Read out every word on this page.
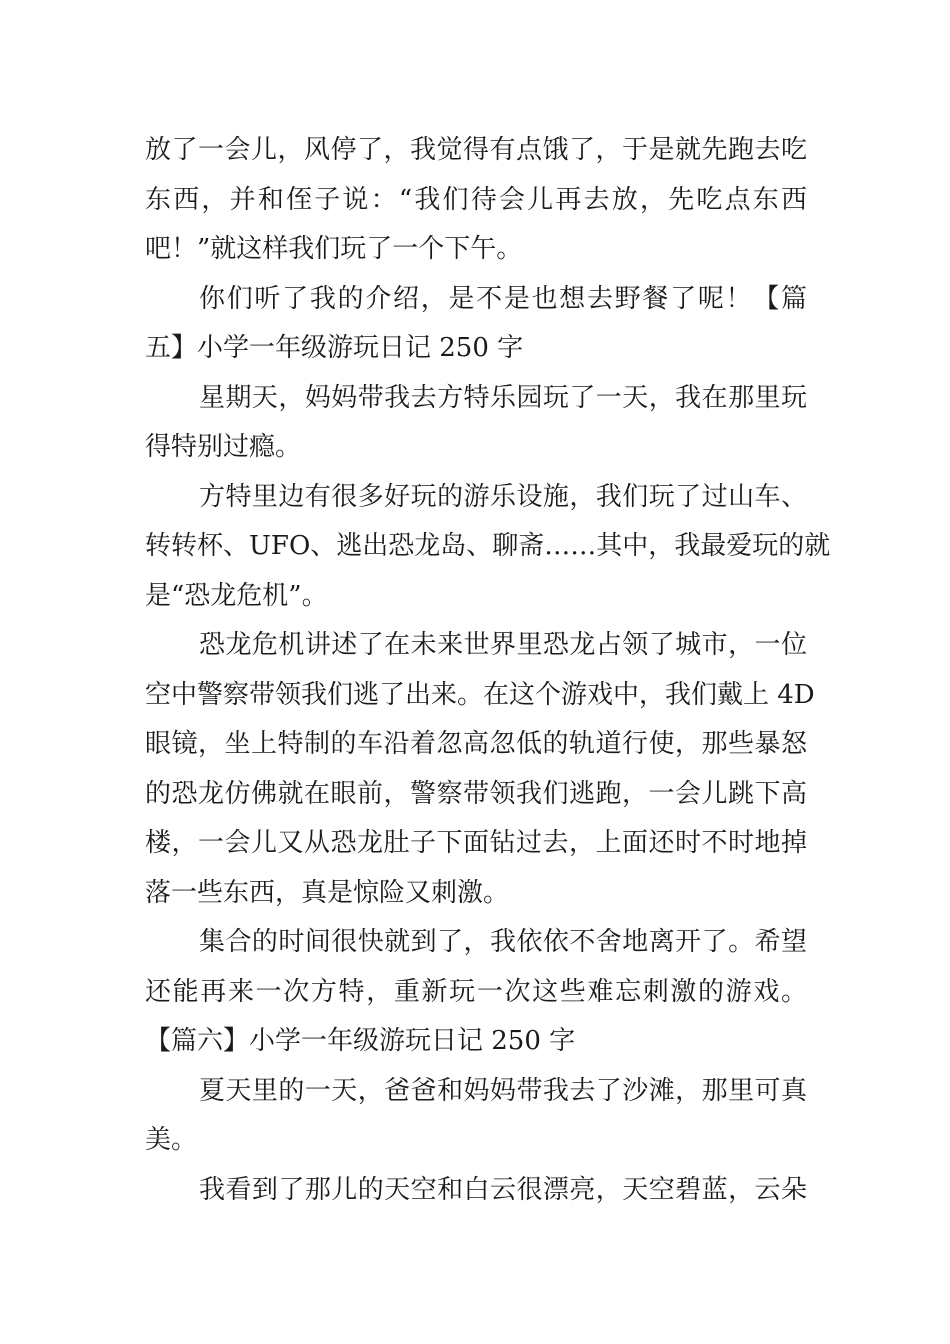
放了一会儿，风停了，我觉得有点饿了，于是就先跑去吃
东西，并和侄子说：“我们待会儿再去放，先吃点东西
吧！”就这样我们玩了一个下午。
你们听了我的介绍，是不是也想去野餐了呢！【篇
五】小学一年级游玩日记 250 字
星期天，妈妈带我去方特乐园玩了一天，我在那里玩
得特别过瘾。
方特里边有很多好玩的游乐设施，我们玩了过山车、
转转杯、UFO、逃出恐龙岛、聊斋……其中，我最爱玩的就
是“恐龙危机”。
恐龙危机讲述了在未来世界里恐龙占领了城市，一位
空中警察带领我们逃了出来。在这个游戏中，我们戴上 4D
眼镜，坐上特制的车沿着忽高忽低的轨道行使，那些暴怒
的恐龙仿佛就在眼前，警察带领我们逃跑，一会儿跳下高
楼，一会儿又从恐龙肚子下面钻过去，上面还时不时地掉
落一些东西，真是惊险又刺激。
集合的时间很快就到了，我依依不舍地离开了。希望
还能再来一次方特，重新玩一次这些难忘刺激的游戏。
【篇六】小学一年级游玩日记 250 字
夏天里的一天，爸爸和妈妈带我去了沙滩，那里可真
美。
我看到了那儿的天空和白云很漂亮，天空碧蓝，云朵
